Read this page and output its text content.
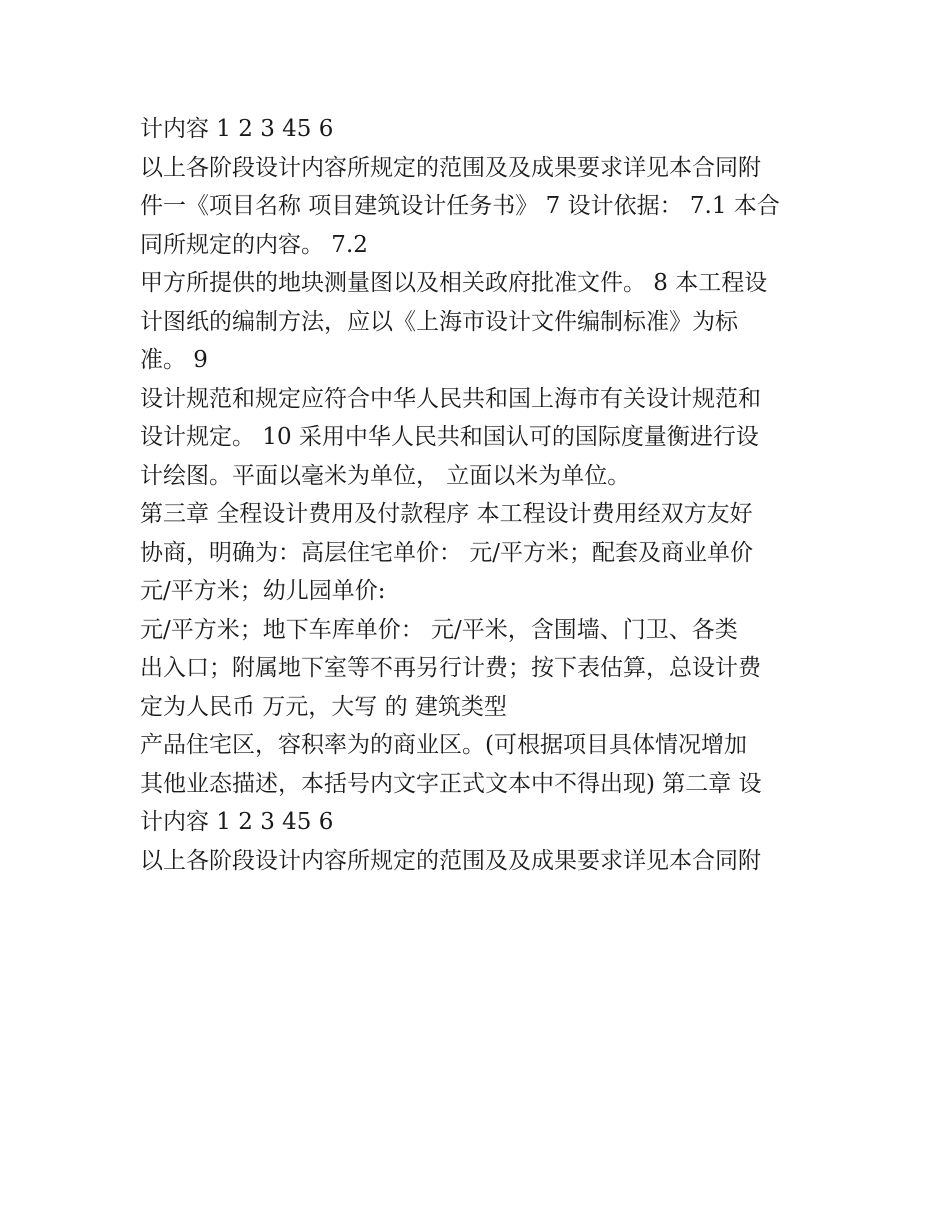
计内容 1 2 3 45 6
以上各阶段设计内容所规定的范围及及成果要求详见本合同附
件一《项目名称 项目建筑设计任务书》 7 设计依据： 7.1 本合
同所规定的内容。 7.2
甲方所提供的地块测量图以及相关政府批准文件。 8 本工程设
计图纸的编制方法，应以《上海市设计文件编制标准》为标
准。 9
设计规范和规定应符合中华人民共和国上海市有关设计规范和
设计规定。 10 采用中华人民共和国认可的国际度量衡进行设
计绘图。平面以毫米为单位， 立面以米为单位。
第三章 全程设计费用及付款程序 本工程设计费用经双方友好
协商，明确为：高层住宅单价： 元/平方米；配套及商业单价
元/平方米；幼儿园单价:
元/平方米；地下车库单价： 元/平米，含围墙、门卫、各类
出入口；附属地下室等不再另行计费；按下表估算，总设计费
定为人民币 万元，大写 的 建筑类型
产品住宅区，容积率为的商业区。(可根据项目具体情况增加
其他业态描述，本括号内文字正式文本中不得出现) 第二章 设
计内容 1 2 3 45 6
以上各阶段设计内容所规定的范围及及成果要求详见本合同附
